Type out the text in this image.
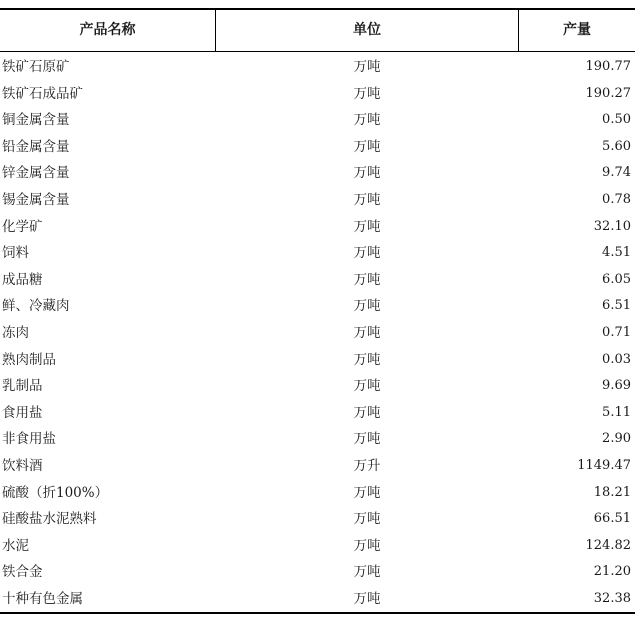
产品名称	单位	产量
铁矿石原矿	万吨	190.77
铁矿石成品矿	万吨	190.27
铜金属含量	万吨	0.50
铅金属含量	万吨	5.60
锌金属含量	万吨	9.74
锡金属含量	万吨	0.78
化学矿	万吨	32.10
饲料	万吨	4.51
成品糖	万吨	6.05
鲜、冷藏肉	万吨	6.51
冻肉	万吨	0.71
熟肉制品	万吨	0.03
乳制品	万吨	9.69
食用盐	万吨	5.11
非食用盐	万吨	2.90
饮料酒	万升	1149.47
硫酸（折100%）	万吨	18.21
硅酸盐水泥熟料	万吨	66.51
水泥	万吨	124.82
铁合金	万吨	21.20
十种有色金属	万吨	32.38
